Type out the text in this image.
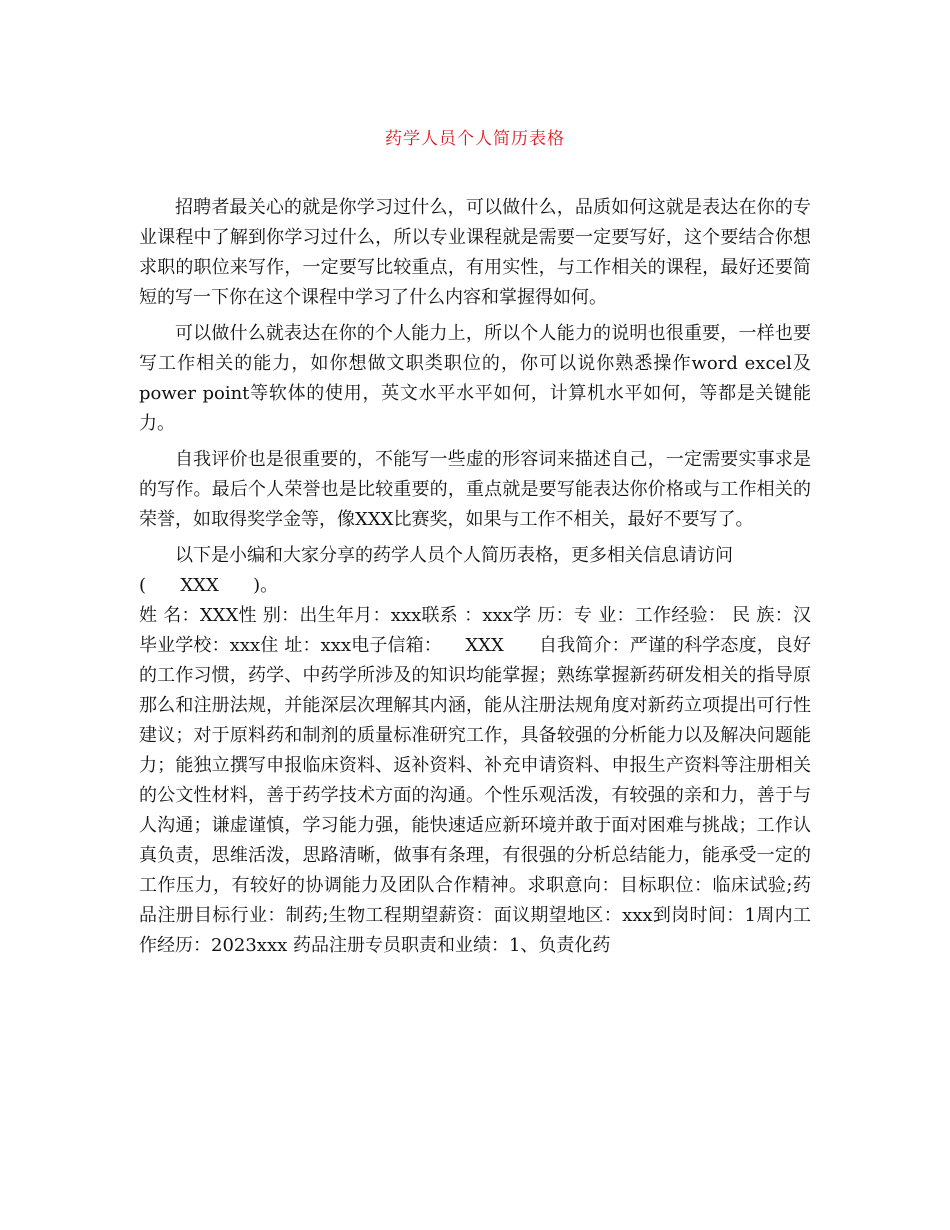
药学人员个人简历表格

招聘者最关心的就是你学习过什么，可以做什么，品质如何这就是表达在你的专业课程中了解到你学习过什么，所以专业课程就是需要一定要写好，这个要结合你想求职的职位来写作，一定要写比较重点，有用实性，与工作相关的课程，最好还要简短的写一下你在这个课程中学习了什么内容和掌握得如何。

可以做什么就表达在你的个人能力上，所以个人能力的说明也很重要，一样也要写工作相关的能力，如你想做文职类职位的，你可以说你熟悉操作word excel及power point等软体的使用，英文水平水平如何，计算机水平如何，等都是关键能力。

自我评价也是很重要的，不能写一些虚的形容词来描述自己，一定需要实事求是的写作。最后个人荣誉也是比较重要的，重点就是要写能表达你价格或与工作相关的荣誉，如取得奖学金等，像XXX比赛奖，如果与工作不相关，最好不要写了。

以下是小编和大家分享的药学人员个人简历表格，更多相关信息请访问

(      XXX      )。

姓 名：XXX性 别：出生年月：xxx联系 ：xxx学 历：专 业：工作经验： 民 族：汉毕业学校：xxx住 址：xxx电子信箱：    XXX      自我简介：严谨的科学态度，良好的工作习惯，药学、中药学所涉及的知识均能掌握；熟练掌握新药研发相关的指导原那么和注册法规，并能深层次理解其内涵，能从注册法规角度对新药立项提出可行性建议；对于原料药和制剂的质量标准研究工作，具备较强的分析能力以及解决问题能力；能独立撰写申报临床资料、返补资料、补充申请资料、申报生产资料等注册相关的公文性材料，善于药学技术方面的沟通。个性乐观活泼，有较强的亲和力，善于与人沟通；谦虚谨慎，学习能力强，能快速适应新环境并敢于面对困难与挑战；工作认真负责，思维活泼，思路清晰，做事有条理，有很强的分析总结能力，能承受一定的工作压力，有较好的协调能力及团队合作精神。求职意向：目标职位：临床试验;药品注册目标行业：制药;生物工程期望薪资：面议期望地区：xxx到岗时间：1周内工作经历：2023xxx 药品注册专员职责和业绩：1、负责化药
